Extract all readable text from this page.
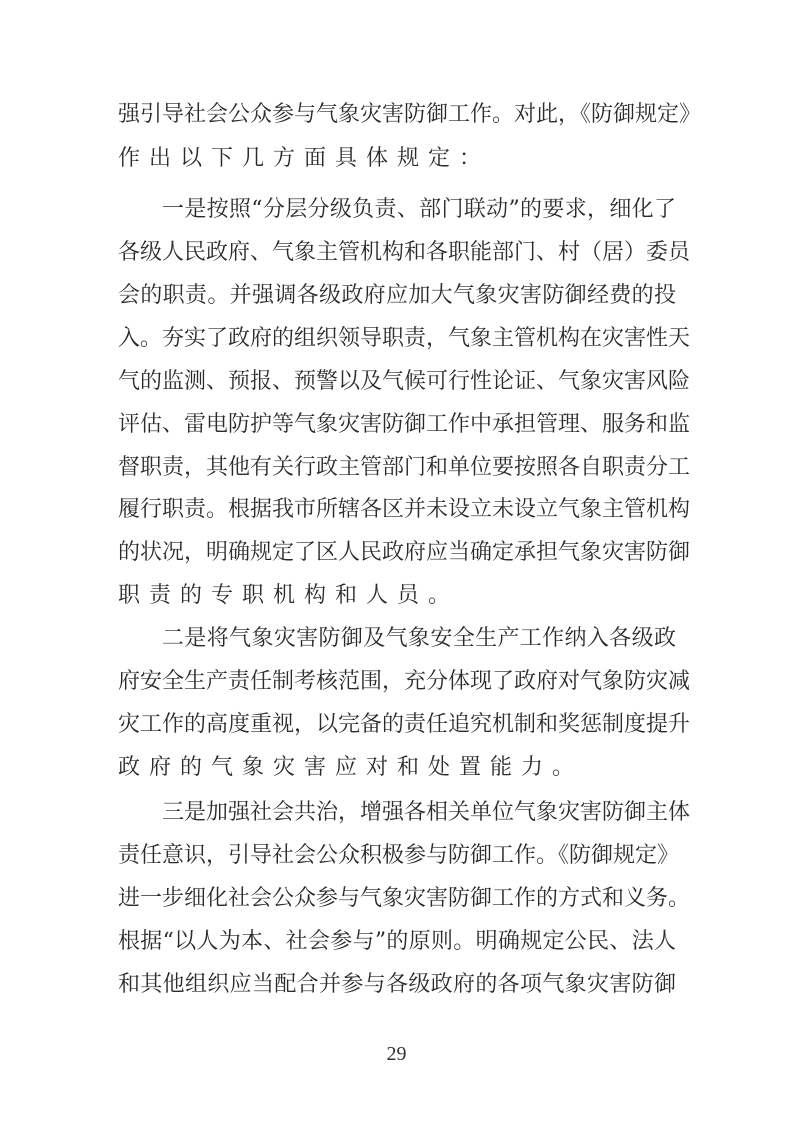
强引导社会公众参与气象灾害防御工作。对此，《防御规定》
作出以下几方面具体规定：
一是按照“分层分级负责、部门联动”的要求，细化了
各级人民政府、气象主管机构和各职能部门、村（居）委员
会的职责。并强调各级政府应加大气象灾害防御经费的投
入。夯实了政府的组织领导职责，气象主管机构在灾害性天
气的监测、预报、预警以及气候可行性论证、气象灾害风险
评估、雷电防护等气象灾害防御工作中承担管理、服务和监
督职责，其他有关行政主管部门和单位要按照各自职责分工
履行职责。根据我市所辖各区并未设立未设立气象主管机构
的状况，明确规定了区人民政府应当确定承担气象灾害防御
职责的专职机构和人员。
二是将气象灾害防御及气象安全生产工作纳入各级政
府安全生产责任制考核范围，充分体现了政府对气象防灾减
灾工作的高度重视，以完备的责任追究机制和奖惩制度提升
政府的气象灾害应对和处置能力。
三是加强社会共治，增强各相关单位气象灾害防御主体
责任意识，引导社会公众积极参与防御工作。《防御规定》
进一步细化社会公众参与气象灾害防御工作的方式和义务。
根据“以人为本、社会参与”的原则。明确规定公民、法人
和其他组织应当配合并参与各级政府的各项气象灾害防御
29
